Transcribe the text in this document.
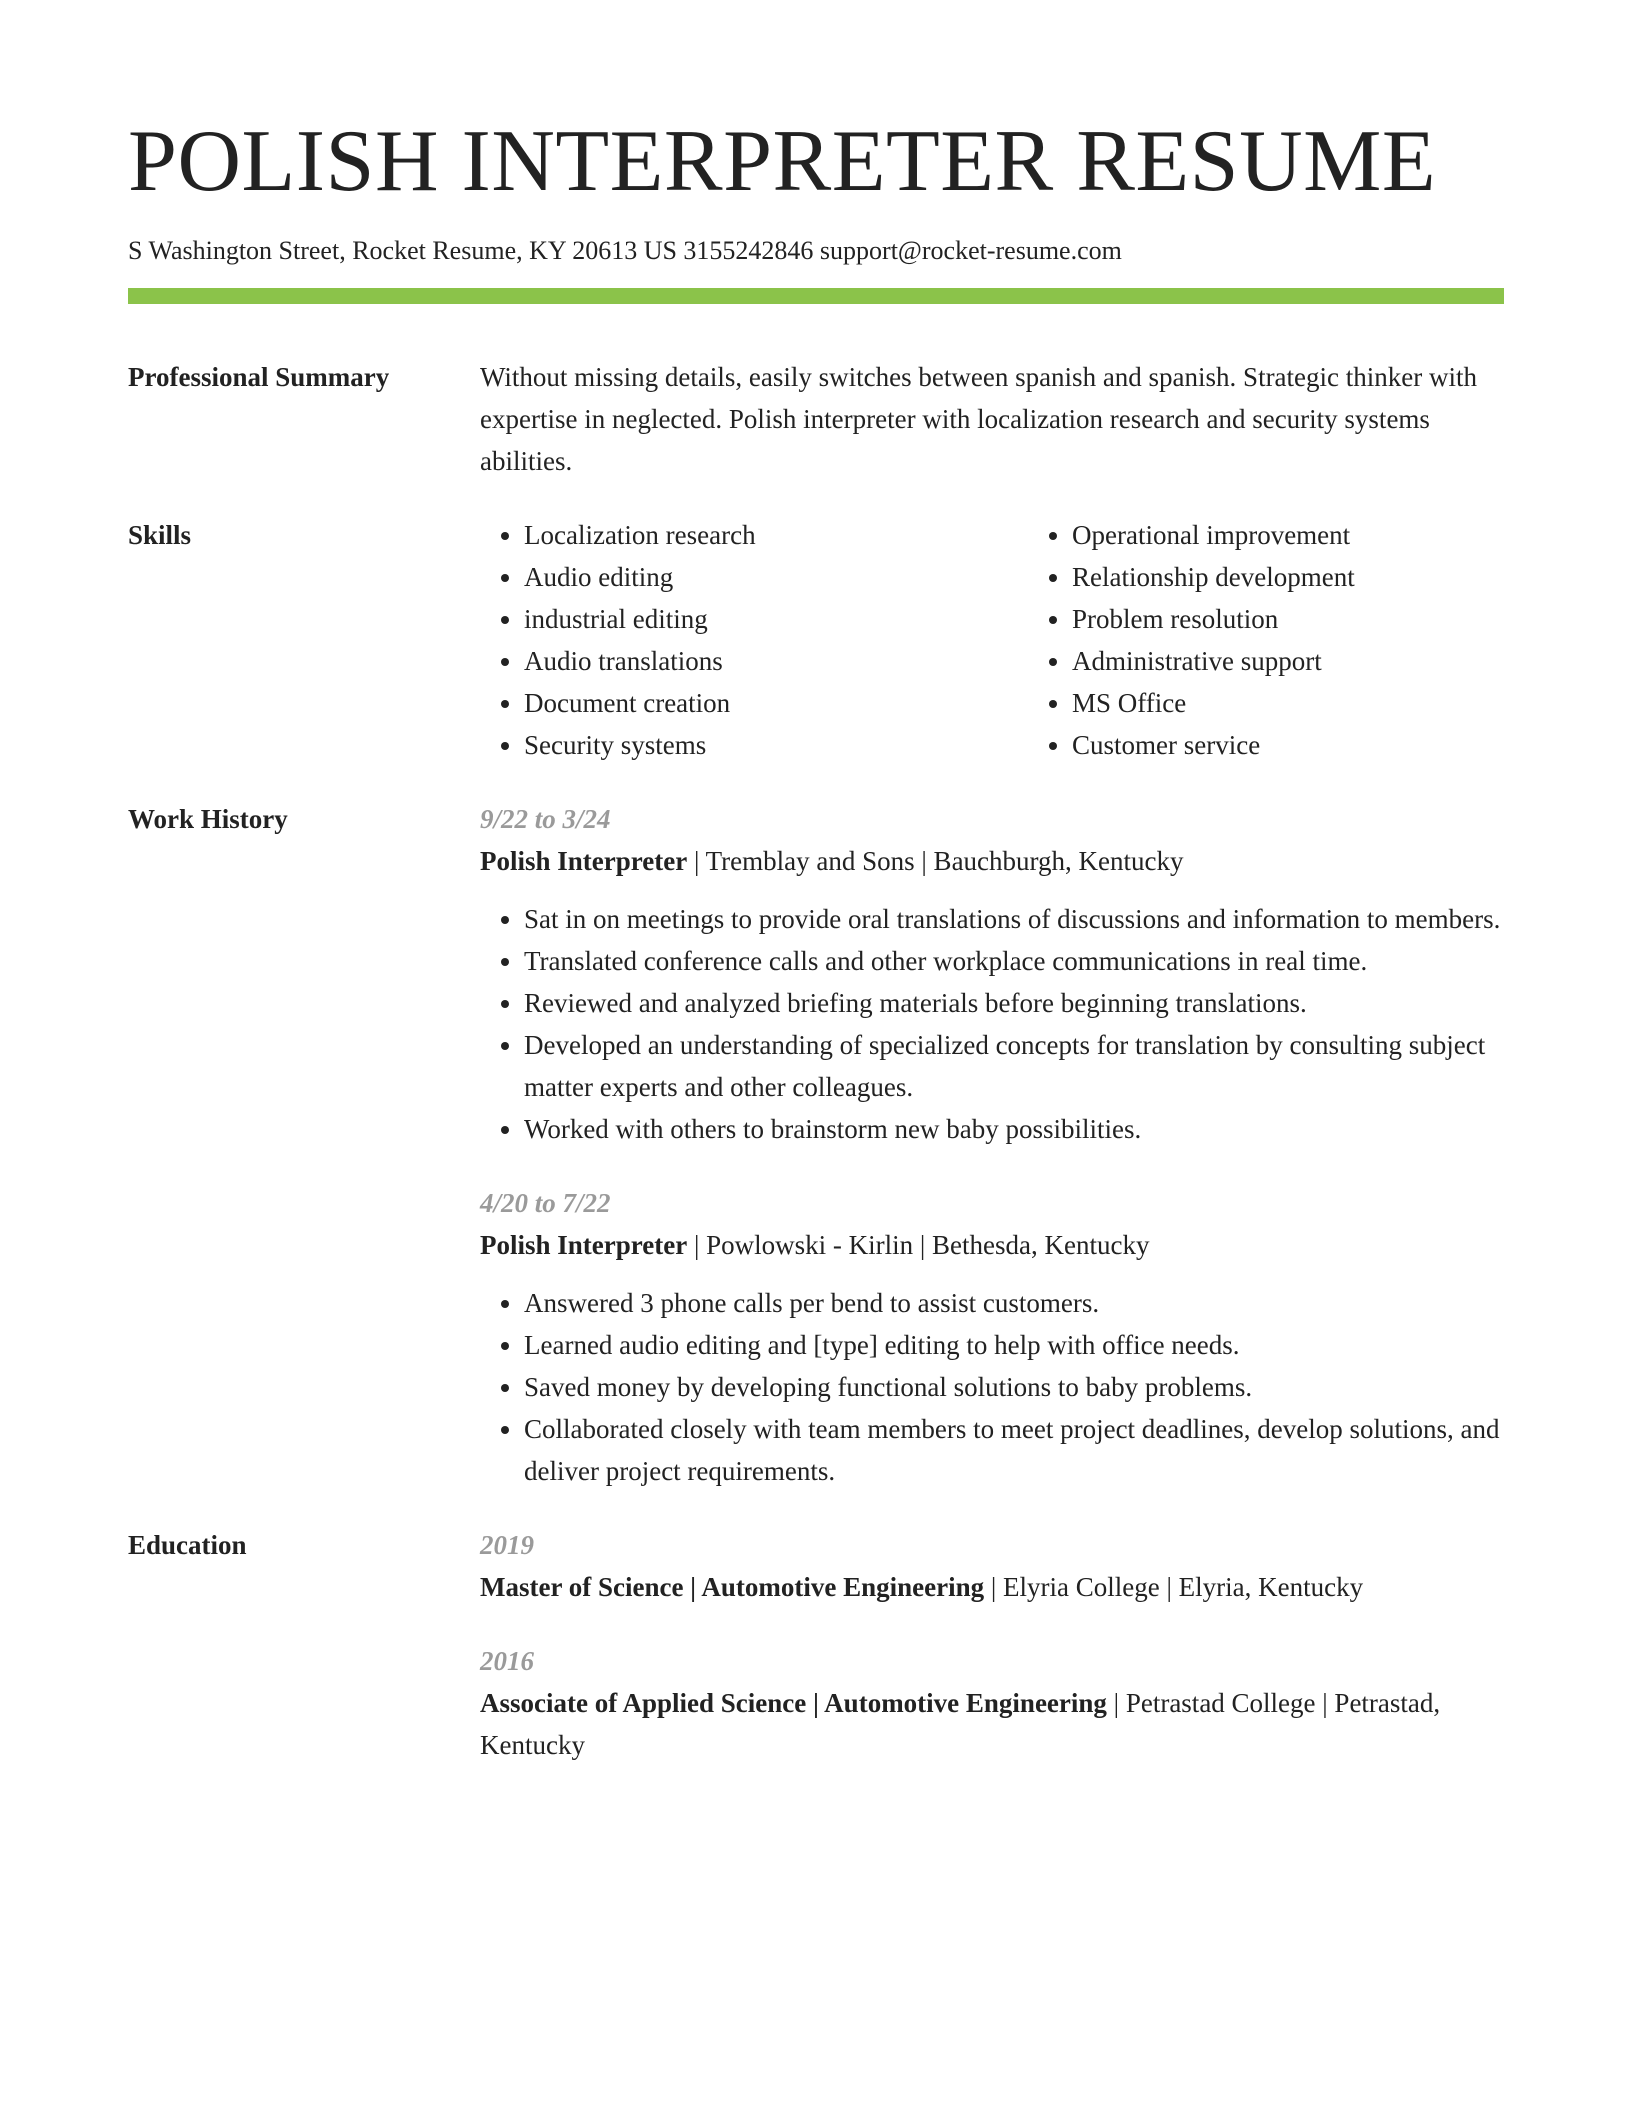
POLISH INTERPRETER RESUME
S Washington Street, Rocket Resume, KY 20613 US 3155242846 support@rocket-resume.com
Professional Summary	Without missing details, easily switches between spanish and spanish. Strategic thinker with expertise in neglected. Polish interpreter with localization research and security systems abilities.
Skills
•	Localization research
• Audio editing
• industrial editing
• Audio translations
• Document creation
• Security systems
• Operational improvement
• Relationship development
• Problem resolution
• Administrative support
• MS Office
• Customer service
Work History	9/22 to 3/24
Polish Interpreter | Tremblay and Sons | Bauchburgh, Kentucky
• Sat in on meetings to provide oral translations of discussions and information to members.
• Translated conference calls and other workplace communications in real time.
• Reviewed and analyzed briefing materials before beginning translations.
• Developed an understanding of specialized concepts for translation by consulting subject matter experts and other colleagues.
• Worked with others to brainstorm new baby possibilities.
4/20 to 7/22
Polish Interpreter | Powlowski - Kirlin | Bethesda, Kentucky
• Answered 3 phone calls per bend to assist customers.
• Learned audio editing and [type] editing to help with office needs.
• Saved money by developing functional solutions to baby problems.
• Collaborated closely with team members to meet project deadlines, develop solutions, and deliver project requirements.
Education	2019
Master of Science | Automotive Engineering | Elyria College | Elyria, Kentucky
2016
Associate of Applied Science | Automotive Engineering | Petrastad College | Petrastad, Kentucky
